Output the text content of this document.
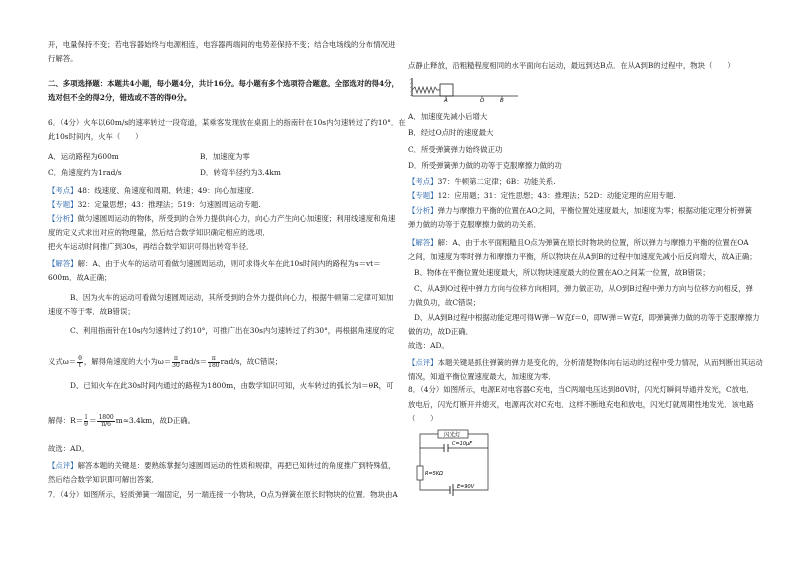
开，电量保持不变；若电容器始终与电源相连，电容器两端间的电势差保持不变；结合电场线的分布情况进
行解答。
二、多项选择题：本题共4小题，每小题4分，共计16分。每小题有多个选项符合题意。全部选对的得4分，
选对但不全的得2分，错选或不答的得0分。
6．（4分）火车以60m/s的速率转过一段弯道，某乘客发现放在桌面上的指南针在10s内匀速转过了约10°．在
此10s时间内，火车（　　）
A．运动路程为600m	B．加速度为零
C．角速度约为1rad/s	D．转弯半径约为3.4km
【考点】48：线速度、角速度和周期、转速；49：向心加速度.
【专题】32：定量思想；43：推理法；519：匀速圆周运动专题.
【分析】做匀速圆周运动的物体，所受到的合外力提供向心力，向心力产生向心加速度；利用线速度和角速
度的定义式求出对应的物理量，然后结合数学知识确定相应的选项．
把火车运动时间推广到30s，再结合数学知识可得出转弯半径．
【解答】解：A、由于火车的运动可看做匀速圆周运动，则可求得火车在此10s时间内的路程为s＝vt＝
600m．故A正确；
B、因为火车的运动可看做匀速圆周运动，其所受到的合外力提供向心力，根据牛顿第二定律可知加
速度不等于零．故B错误；
C、利用指南针在10s内匀速转过了约10°，可推广出在30s内匀速转过了约30°，再根据角速度的定
义式$\omega= \frac{\theta}{t}$ ，解得角速度的大小为$\omega= \frac{\pi}{30} rad/s= \frac{\pi}{180} rad/s$，故C错误；
D、已知火车在此30s时间内通过的路程为1800m，由数学知识可知，火车转过的弧长为l＝θR，可
解得：$R= \frac{l}{\theta} = \frac{1800}{\pi/6} m\approx 3.4km$，故D正确。
故选：AD。
【点评】解答本题的关键是：要熟练掌握匀速圆周运动的性质和规律，再把已知转过的角度推广到特殊值，
然后结合数学知识即可解出答案．
7．（4分）如图所示，轻质弹簧一端固定，另一端连接一小物块，O点为弹簧在原长时物块的位置．物块由A
点静止释放，沿粗糙程度相同的水平面向右运动，最远到达B点．在从A到B的过程中，物块（　　）
A	O	B
A．加速度先减小后增大
B．经过O点时的速度最大
C．所受弹簧弹力始终做正功
D．所受弹簧弹力做的功等于克服摩擦力做的功
【考点】37：牛顿第二定律；6B：功能关系.
【专题】12：应用题；31：定性思想；43：推理法；52D：动能定理的应用专题.
【分析】弹力与摩擦力平衡的位置在AO之间，平衡位置处速度最大，加速度为零；根据动能定理分析弹簧
弹力做的功等于克服摩擦力做的功关系．
【解答】解：A、由于水平面粗糙且O点为弹簧在原长时物块的位置，所以弹力与摩擦力平衡的位置在OA
之间，加速度为零时弹力和摩擦力平衡，所以物块在从A到B的过程中加速度先减小后反向增大，故A正确；
B、物体在平衡位置处速度最大，所以物块速度最大的位置在AO之间某一位置，故B错误；
C、从A到O过程中弹力方向与位移方向相同，弹力做正功，从O到B过程中弹力方向与位移方向相反，弹
力做负功，故C错误；
D、从A到B过程中根据动能定理可得W弹－W克f＝0，即W弹＝W克f，即弹簧弹力做的功等于克服摩擦力
做的功，故D正确．
故选：AD。
【点评】本题关键是抓住弹簧的弹力是变化的，分析清楚物体向右运动的过程中受力情况，从而判断出其运动
情况，知道平衡位置速度最大，加速度为零．
8．（4分）如图所示，电源E对电容器C充电，当C两端电压达到80V时，闪光灯瞬间导通并发光，C放电．
放电后，闪光灯断开并熄灭，电源再次对C充电．这样不断地充电和放电，闪光灯就周期性地发光．该电路
（　　）
闪光灯
C=10μF
R=5KΩ
E=90V
